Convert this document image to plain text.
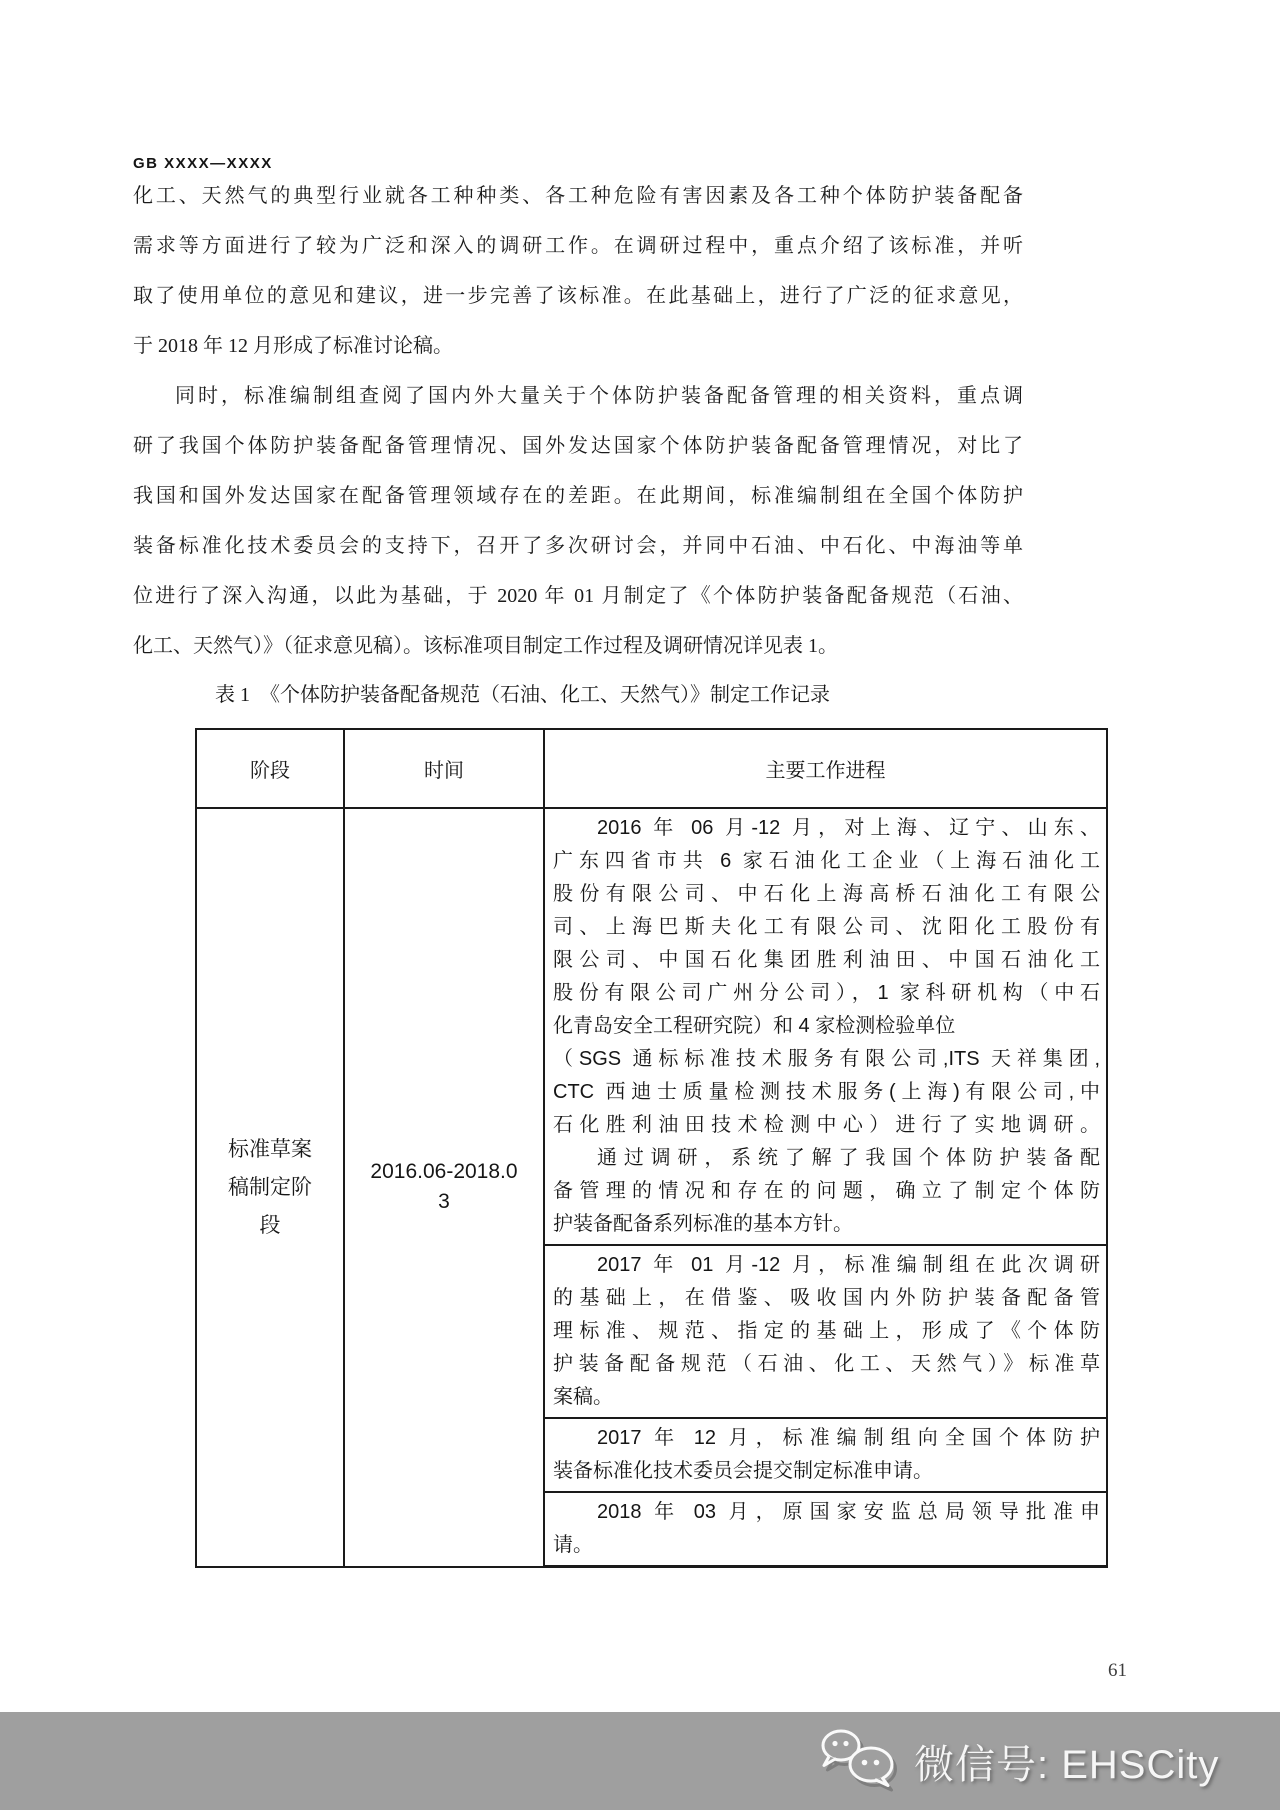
GB XXXX—XXXX
化工、天然气的典型行业就各工种种类、各工种危险有害因素及各工种个体防护装备配备
需求等方面进行了较为广泛和深入的调研工作。在调研过程中，重点介绍了该标准，并听
取了使用单位的意见和建议，进一步完善了该标准。在此基础上，进行了广泛的征求意见，
于 2018 年 12 月形成了标准讨论稿。
同时，标准编制组查阅了国内外大量关于个体防护装备配备管理的相关资料，重点调
研了我国个体防护装备配备管理情况、国外发达国家个体防护装备配备管理情况，对比了
我国和国外发达国家在配备管理领域存在的差距。在此期间，标准编制组在全国个体防护
装备标准化技术委员会的支持下，召开了多次研讨会，并同中石油、中石化、中海油等单
位进行了深入沟通，以此为基础，于 2020 年 01 月制定了《个体防护装备配备规范（石油、
化工、天然气）》（征求意见稿）。该标准项目制定工作过程及调研情况详见表 1。
表 1　《个体防护装备配备规范（石油、化工、天然气）》制定工作记录
阶段	时间	主要工作进程

标准草案稿制定阶段

2016.06-2018.03

2016 年 06 月-12 月，对上海、辽宁、山东、
广东四省市共 6 家石油化工企业（上海石油化工
股份有限公司、中石化上海高桥石油化工有限公
司、上海巴斯夫化工有限公司、沈阳化工股份有
限公司、中国石化集团胜利油田、中国石油化工
股份有限公司广州分公司），1 家科研机构（中石
化青岛安全工程研究院）和 4 家检测检验单位
（SGS 通标标准技术服务有限公司,ITS 天祥集团,
CTC 西迪士质量检测技术服务(上海)有限公司,中
石化胜利油田技术检测中心）进行了实地调研。
通过调研，系统了解了我国个体防护装备配
备管理的情况和存在的问题，确立了制定个体防
护装备配备系列标准的基本方针。

		2017 年 01 月-12 月，标准编制组在此次调研
的基础上，在借鉴、吸收国内外防护装备配备管
理标准、规范、指定的基础上，形成了《个体防
护装备配备规范（石油、化工、天然气）》标准草
案稿。

		2017 年 12 月，标准编制组向全国个体防护
装备标准化技术委员会提交制定标准申请。

		2018 年 03 月，原国家安监总局领导批准申
请。
61
微信号: EHSCity
